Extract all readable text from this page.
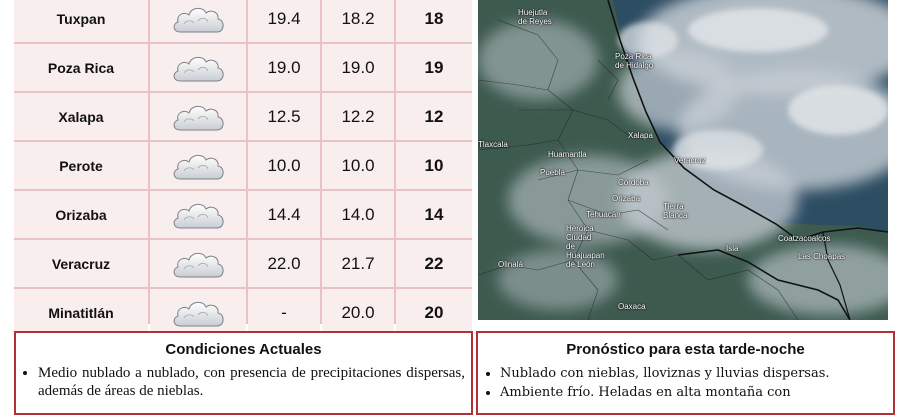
Tuxpan	19.4	18.2	18
Poza Rica	19.0	19.0	19
Xalapa	12.5	12.2	12
Perote	10.0	10.0	10
Orizaba	14.4	14.0	14
Veracruz	22.0	21.7	22
Minatitlán	-	20.0	20
Huejutla
de Reyes
Poza Rica
de Hidalgo
Xalapa
Veracruz
Huamantla
Puebla
Tlaxcala
Córdoba
Orizaba
Tehuacán
Tierra
Blanca
Heroica
Ciudad
de
Huajuapan
de León
Olinalá
Oaxaca
Coatzacoalcos
Las Choapas
Isla
Condiciones Actuales
• Medio nublado a nublado, con presencia de precipitaciones dispersas, además de áreas de nieblas.
Pronóstico para esta tarde-noche
• Nublado con nieblas, lloviznas y lluvias dispersas.
• Ambiente frío. Heladas en alta montaña con
